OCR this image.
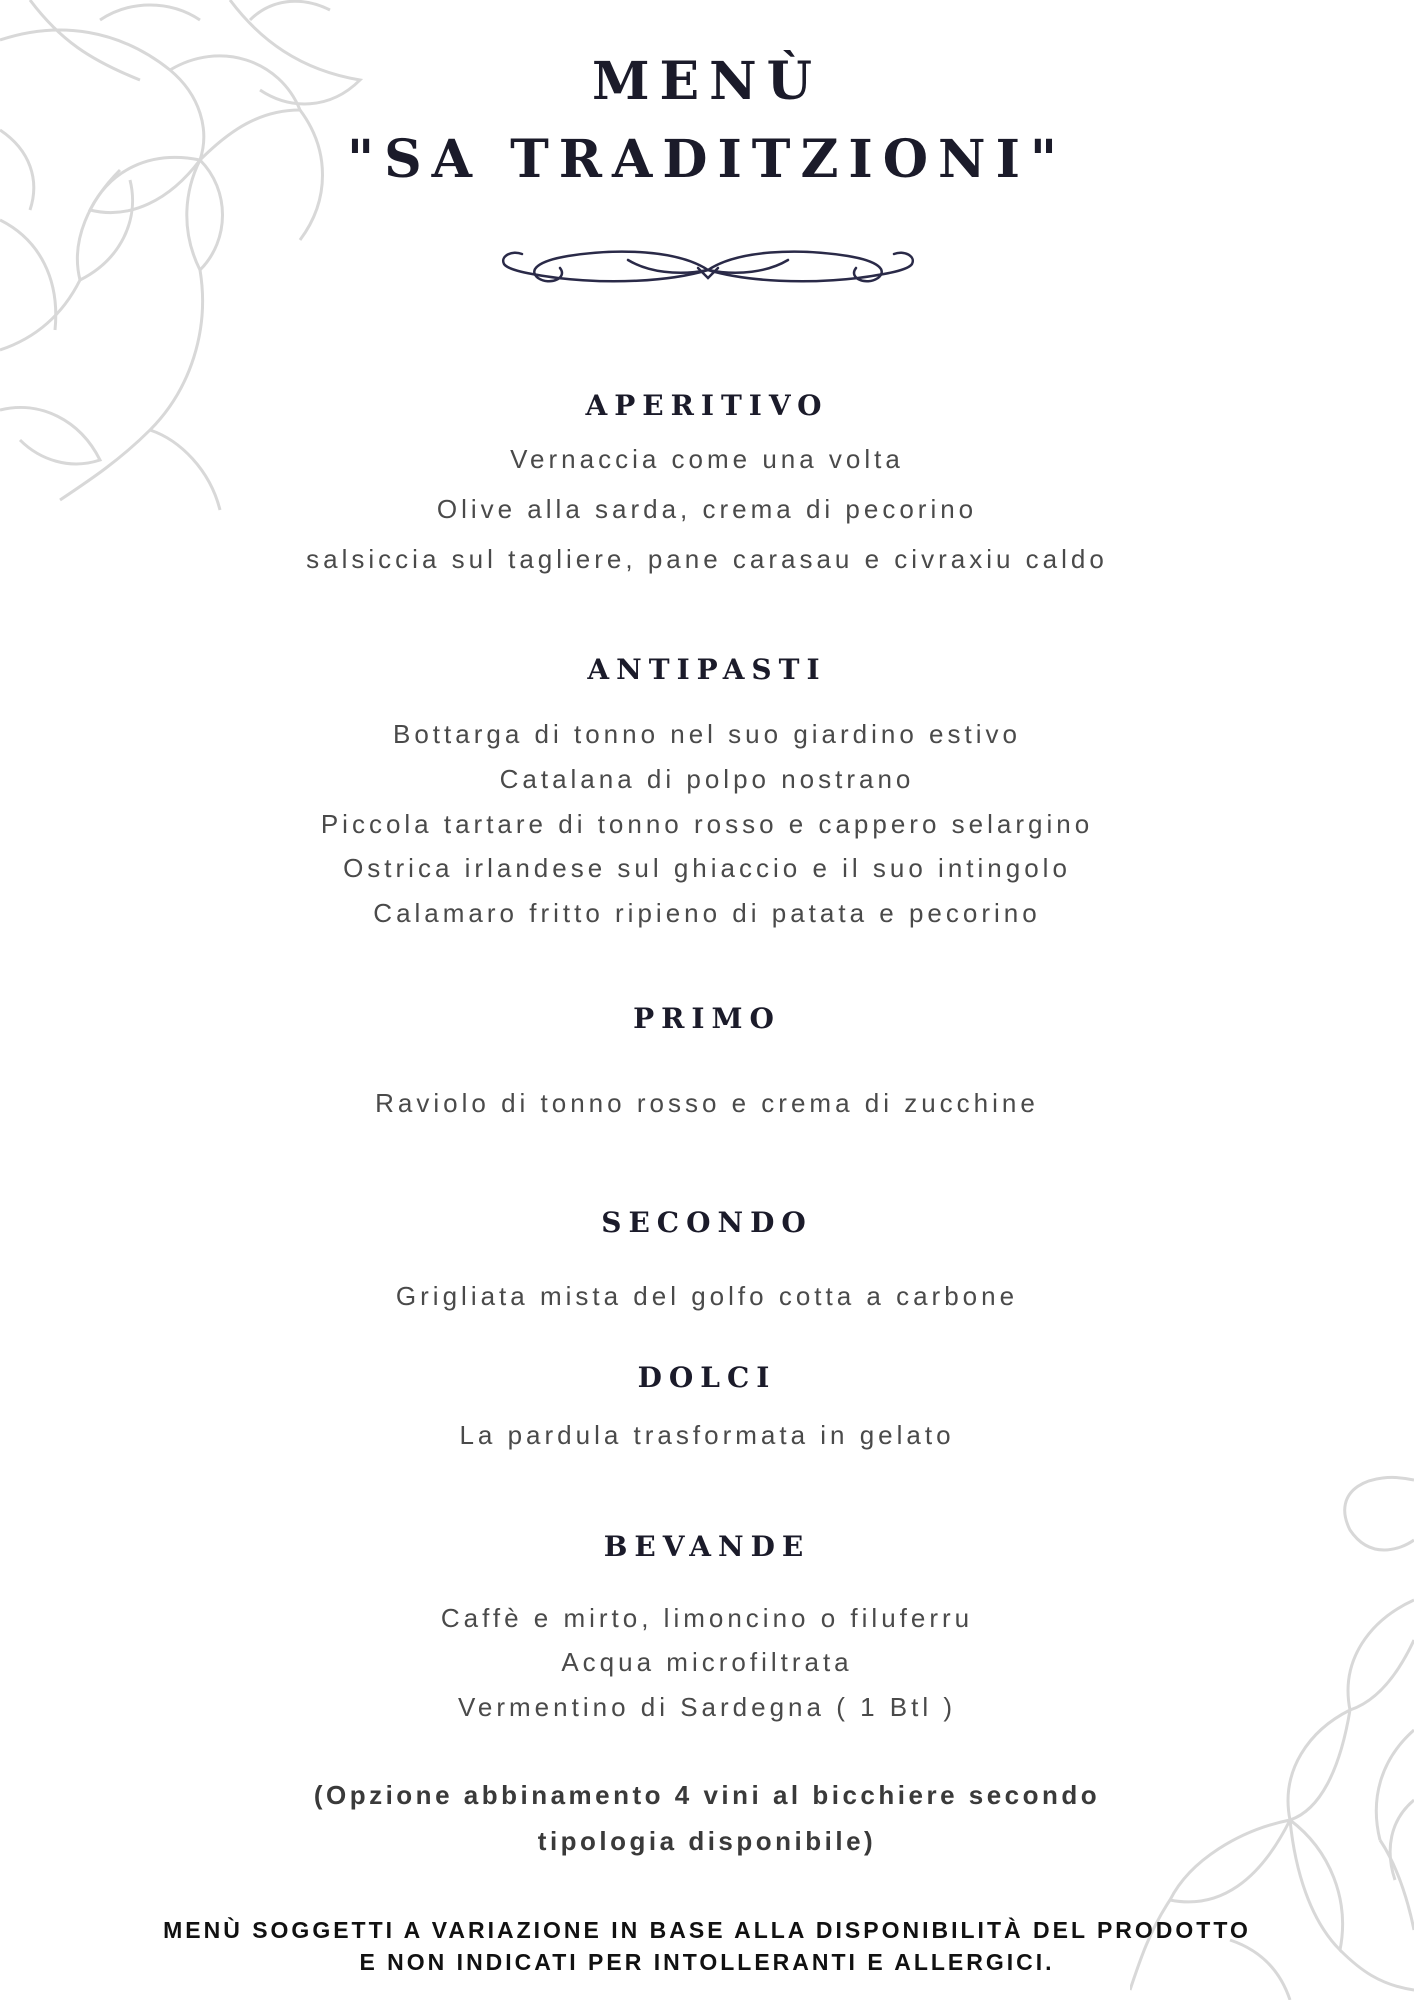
MENÙ
"SA TRADITZIONI"
APERITIVO
Vernaccia come una volta
Olive alla sarda, crema di pecorino
salsiccia sul tagliere, pane carasau e civraxiu caldo
ANTIPASTI
Bottarga di tonno nel suo giardino estivo
Catalana di polpo nostrano
Piccola tartare di tonno rosso e cappero selargino
Ostrica irlandese sul ghiaccio e il suo intingolo
Calamaro fritto ripieno di patata e pecorino
PRIMO
Raviolo di tonno rosso e crema di zucchine
SECONDO
Grigliata mista del golfo cotta a carbone
DOLCI
La pardula trasformata in gelato
BEVANDE
Caffè e mirto, limoncino o filuferru
Acqua microfiltrata
Vermentino di Sardegna ( 1 Btl )
(Opzione abbinamento 4 vini al bicchiere secondo
tipologia disponibile)
MENÙ SOGGETTI A VARIAZIONE IN BASE ALLA DISPONIBILITÀ DEL PRODOTTO
E NON INDICATI PER INTOLLERANTI E ALLERGICI.
